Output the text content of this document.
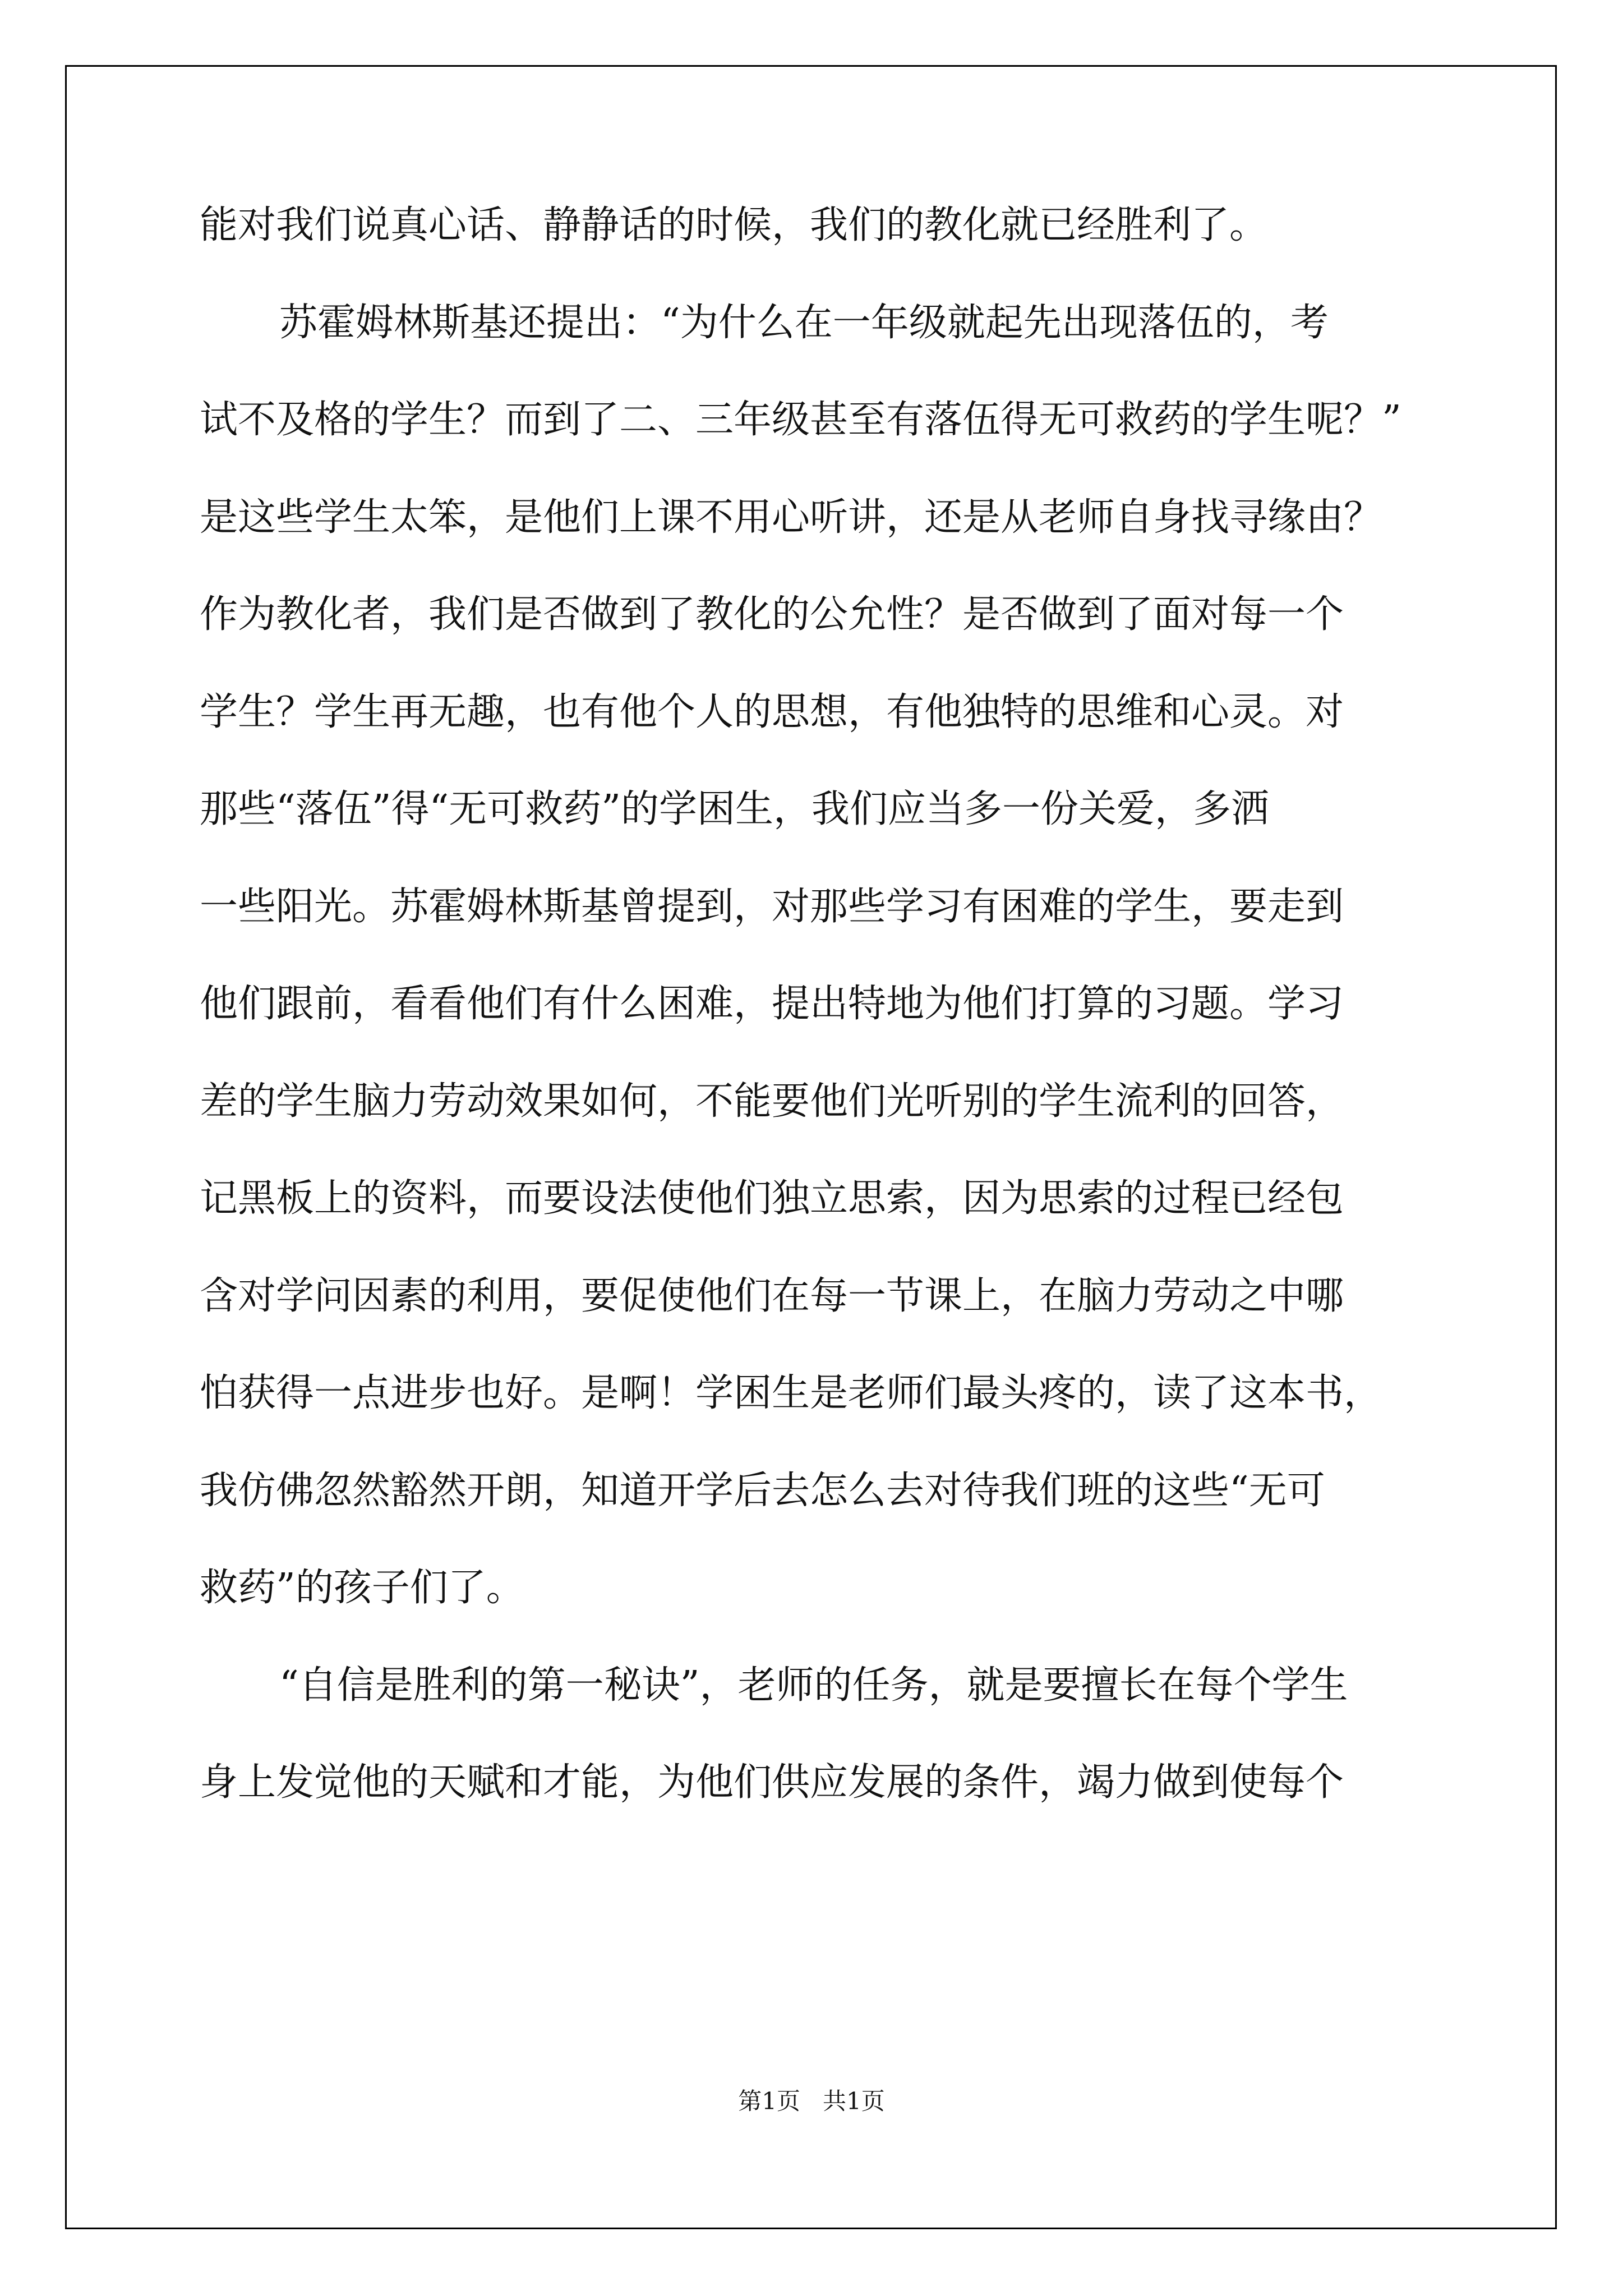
能对我们说真心话、静静话的时候，我们的教化就已经胜利了。
苏霍姆林斯基还提出：“为什么在一年级就起先出现落伍的，考
试不及格的学生？而到了二、三年级甚至有落伍得无可救药的学生呢？”
是这些学生太笨，是他们上课不用心听讲，还是从老师自身找寻缘由？
作为教化者，我们是否做到了教化的公允性？是否做到了面对每一个
学生？学生再无趣，也有他个人的思想，有他独特的思维和心灵。对
那些“落伍”得“无可救药”的学困生，我们应当多一份关爱，多洒
一些阳光。苏霍姆林斯基曾提到，对那些学习有困难的学生，要走到
他们跟前，看看他们有什么困难，提出特地为他们打算的习题。学习
差的学生脑力劳动效果如何，不能要他们光听别的学生流利的回答，
记黑板上的资料，而要设法使他们独立思索，因为思索的过程已经包
含对学问因素的利用，要促使他们在每一节课上，在脑力劳动之中哪
怕获得一点进步也好。是啊！学困生是老师们最头疼的，读了这本书，
我仿佛忽然豁然开朗，知道开学后去怎么去对待我们班的这些“无可
救药”的孩子们了。
“自信是胜利的第一秘诀”，老师的任务，就是要擅长在每个学生
身上发觉他的天赋和才能，为他们供应发展的条件，竭力做到使每个
第1页 共1页
